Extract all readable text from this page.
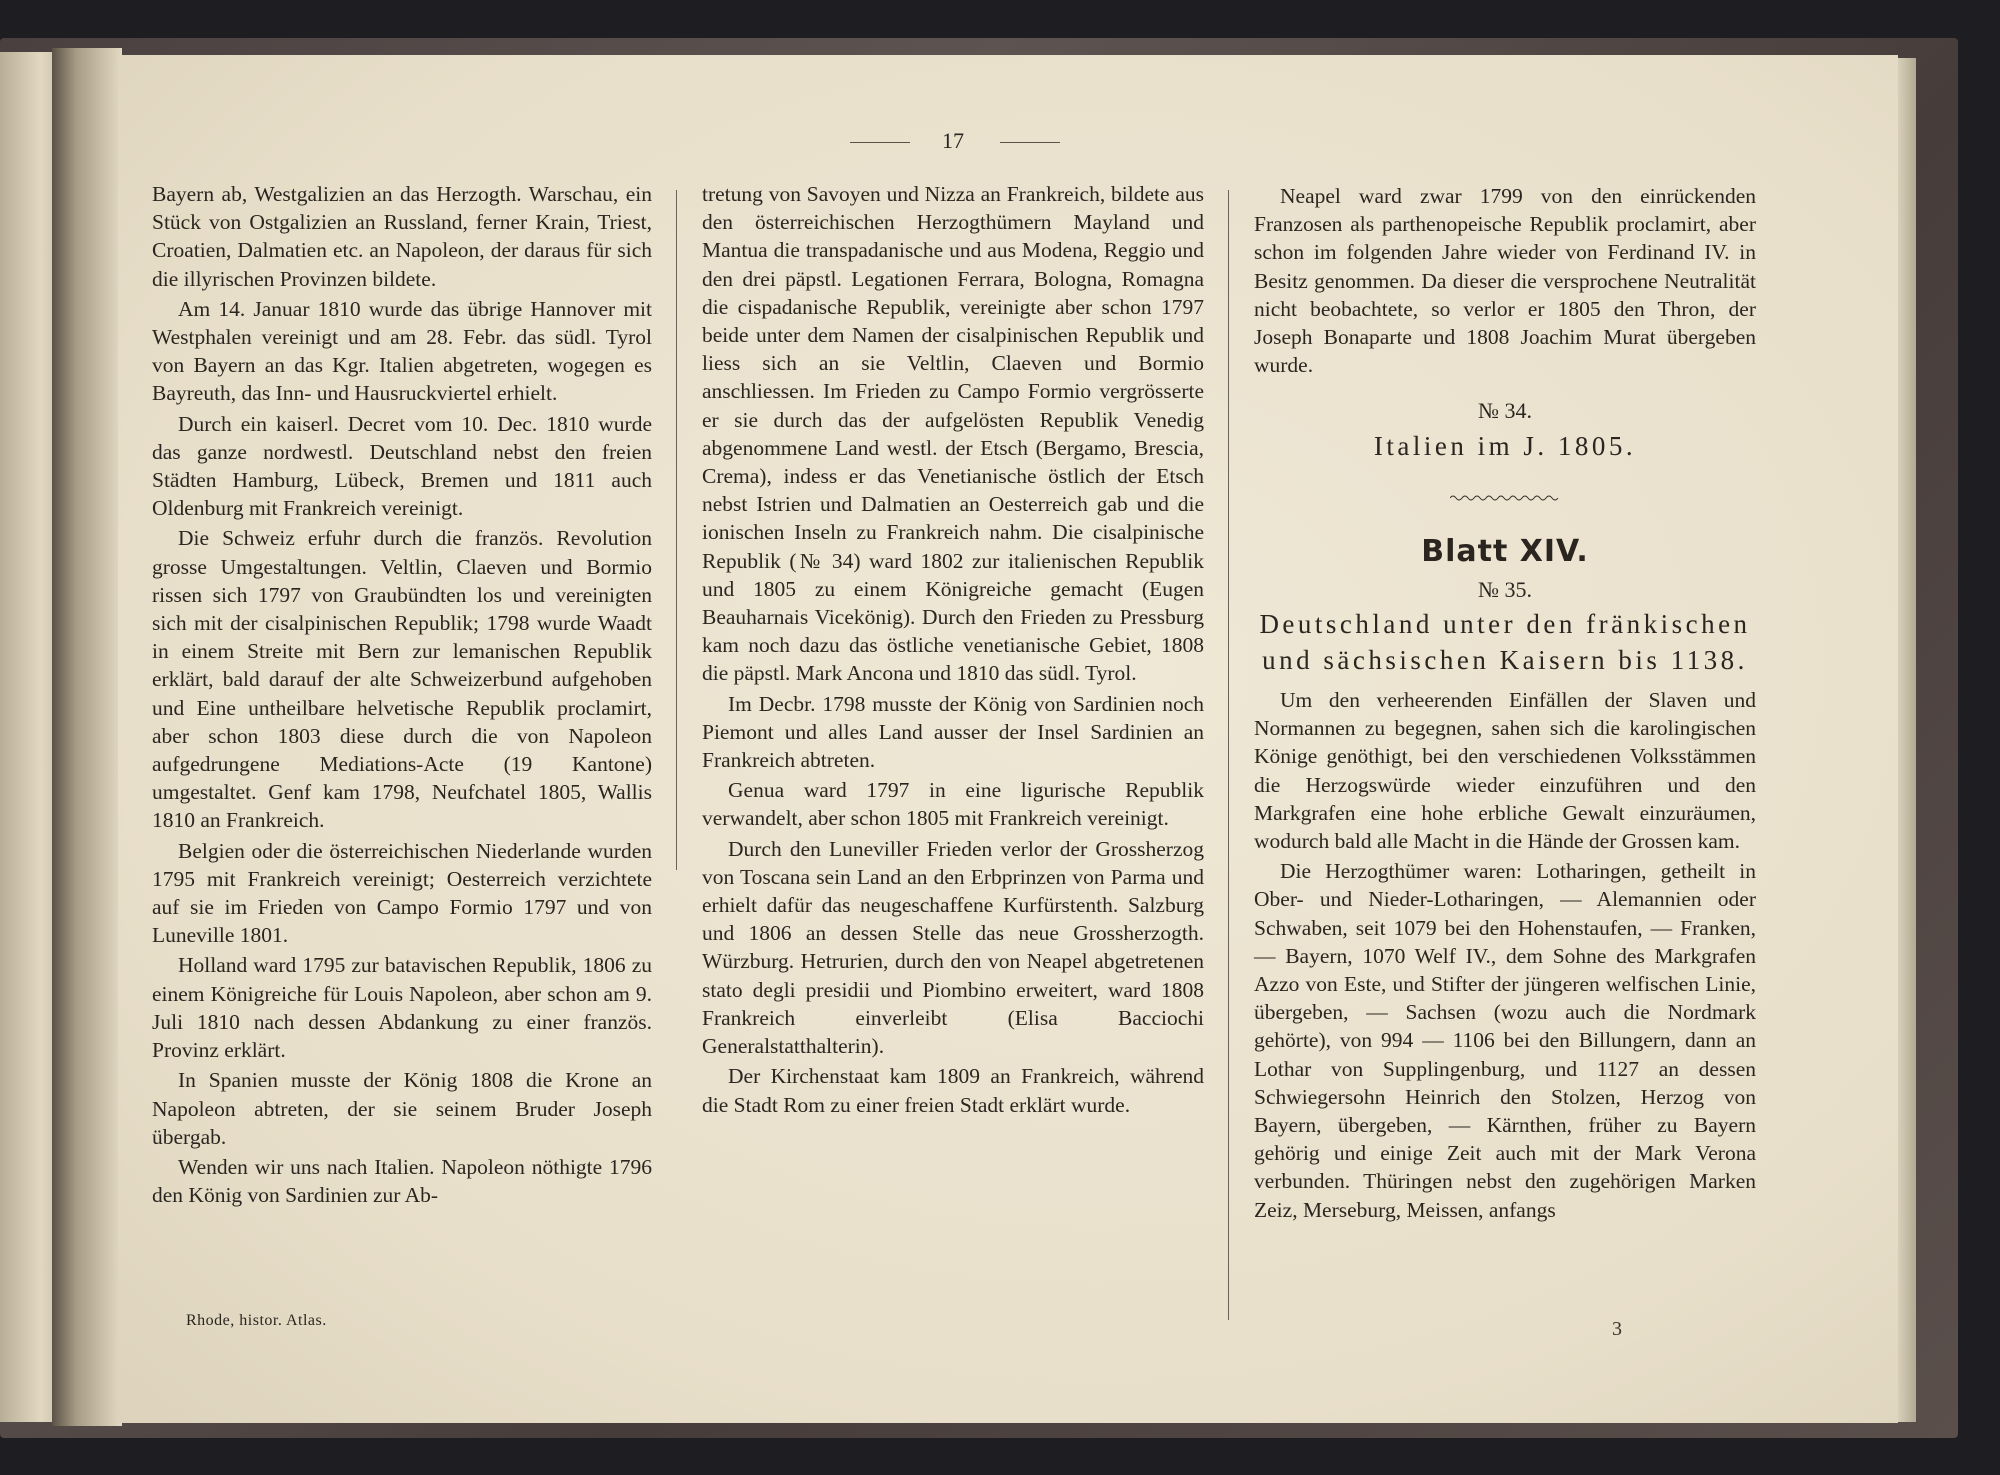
17

Bayern ab, Westgalizien an das Herzogth. Warschau, ein Stück von Ostgalizien an Russland, ferner Krain, Triest, Croatien, Dalmatien etc. an Napoleon, der daraus für sich die illyrischen Provinzen bildete.

Am 14. Januar 1810 wurde das übrige Hannover mit Westphalen vereinigt und am 28. Febr. das südl. Tyrol von Bayern an das Kgr. Italien abgetreten, wogegen es Bayreuth, das Inn- und Hausruckviertel erhielt.

Durch ein kaiserl. Decret vom 10. Dec. 1810 wurde das ganze nordwestl. Deutschland nebst den freien Städten Hamburg, Lübeck, Bremen und 1811 auch Oldenburg mit Frankreich vereinigt.

Die Schweiz erfuhr durch die französ. Revolution grosse Umgestaltungen. Veltlin, Claeven und Bormio rissen sich 1797 von Graubündten los und vereinigten sich mit der cisalpinischen Republik; 1798 wurde Waadt in einem Streite mit Bern zur lemanischen Republik erklärt, bald darauf der alte Schweizerbund aufgehoben und Eine untheilbare helvetische Republik proclamirt, aber schon 1803 diese durch die von Napoleon aufgedrungene Mediations-Acte (19 Kantone) umgestaltet. Genf kam 1798, Neufchatel 1805, Wallis 1810 an Frankreich.

Belgien oder die österreichischen Niederlande wurden 1795 mit Frankreich vereinigt; Oesterreich verzichtete auf sie im Frieden von Campo Formio 1797 und von Luneville 1801.

Holland ward 1795 zur batavischen Republik, 1806 zu einem Königreiche für Louis Napoleon, aber schon am 9. Juli 1810 nach dessen Abdankung zu einer französ. Provinz erklärt.

In Spanien musste der König 1808 die Krone an Napoleon abtreten, der sie seinem Bruder Joseph übergab.

Wenden wir uns nach Italien. Napoleon nöthigte 1796 den König von Sardinien zur Ab-

tretung von Savoyen und Nizza an Frankreich, bildete aus den österreichischen Herzogthümern Mayland und Mantua die transpadanische und aus Modena, Reggio und den drei päpstl. Legationen Ferrara, Bologna, Romagna die cispadanische Republik, vereinigte aber schon 1797 beide unter dem Namen der cisalpinischen Republik und liess sich an sie Veltlin, Claeven und Bormio anschliessen. Im Frieden zu Campo Formio vergrösserte er sie durch das der aufgelösten Republik Venedig abgenommene Land westl. der Etsch (Bergamo, Brescia, Crema), indess er das Venetianische östlich der Etsch nebst Istrien und Dalmatien an Oesterreich gab und die ionischen Inseln zu Frankreich nahm. Die cisalpinische Republik (№ 34) ward 1802 zur italienischen Republik und 1805 zu einem Königreiche gemacht (Eugen Beauharnais Vicekönig). Durch den Frieden zu Pressburg kam noch dazu das östliche venetianische Gebiet, 1808 die päpstl. Mark Ancona und 1810 das südl. Tyrol.

Im Decbr. 1798 musste der König von Sardinien noch Piemont und alles Land ausser der Insel Sardinien an Frankreich abtreten.

Genua ward 1797 in eine ligurische Republik verwandelt, aber schon 1805 mit Frankreich vereinigt.

Durch den Luneviller Frieden verlor der Grossherzog von Toscana sein Land an den Erbprinzen von Parma und erhielt dafür das neugeschaffene Kurfürstenth. Salzburg und 1806 an dessen Stelle das neue Grossherzogth. Würzburg. Hetrurien, durch den von Neapel abgetretenen stato degli presidii und Piombino erweitert, ward 1808 Frankreich einverleibt (Elisa Bacciochi Generalstatthalterin).

Der Kirchenstaat kam 1809 an Frankreich, während die Stadt Rom zu einer freien Stadt erklärt wurde.

Neapel ward zwar 1799 von den einrückenden Franzosen als parthenopeische Republik proclamirt, aber schon im folgenden Jahre wieder von Ferdinand IV. in Besitz genommen. Da dieser die versprochene Neutralität nicht beobachtete, so verlor er 1805 den Thron, der Joseph Bonaparte und 1808 Joachim Murat übergeben wurde.

№ 34.

Italien im J. 1805.

Blatt XIV.

№ 35.

Deutschland unter den fränkischen und sächsischen Kaisern bis 1138.

Um den verheerenden Einfällen der Slaven und Normannen zu begegnen, sahen sich die karolingischen Könige genöthigt, bei den verschiedenen Volksstämmen die Herzogswürde wieder einzuführen und den Markgrafen eine hohe erbliche Gewalt einzuräumen, wodurch bald alle Macht in die Hände der Grossen kam.

Die Herzogthümer waren: Lotharingen, getheilt in Ober- und Nieder-Lotharingen, — Alemannien oder Schwaben, seit 1079 bei den Hohenstaufen, — Franken, — Bayern, 1070 Welf IV., dem Sohne des Markgrafen Azzo von Este, und Stifter der jüngeren welfischen Linie, übergeben, — Sachsen (wozu auch die Nordmark gehörte), von 994 — 1106 bei den Billungern, dann an Lothar von Supplingenburg, und 1127 an dessen Schwiegersohn Heinrich den Stolzen, Herzog von Bayern, übergeben, — Kärnthen, früher zu Bayern gehörig und einige Zeit auch mit der Mark Verona verbunden. Thüringen nebst den zugehörigen Marken Zeiz, Merseburg, Meissen, anfangs

Rhode, histor. Atlas.	3
